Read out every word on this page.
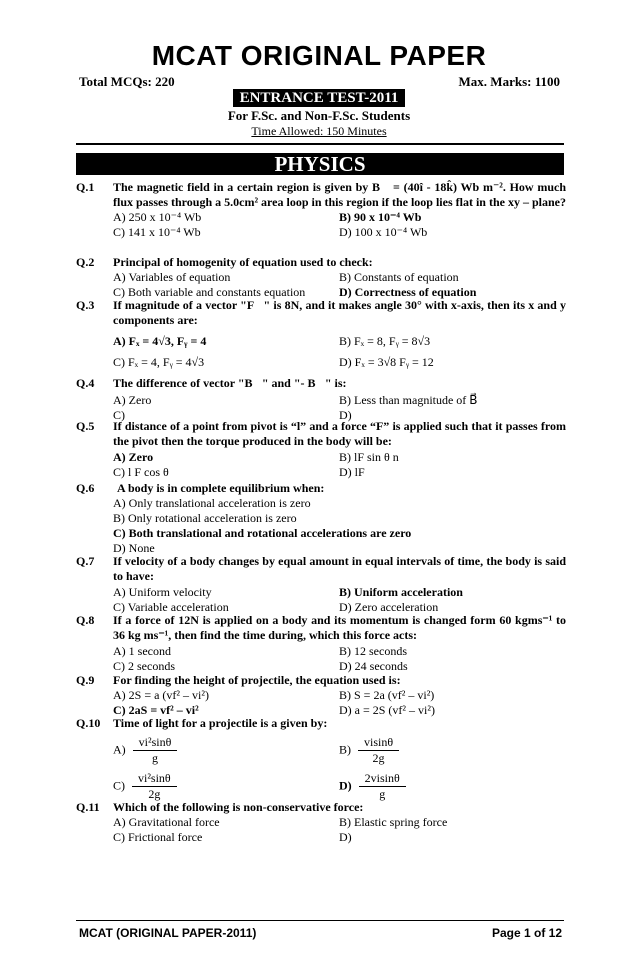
MCAT ORIGINAL PAPER
Total MCQs: 220	Max. Marks: 1100
ENTRANCE TEST-2011
For F.Sc. and Non-F.Sc. Students
Time Allowed: 150 Minutes
PHYSICS
Q.1 The magnetic field in a certain region is given by B⃗ = (40î - 18k̂) Wb m⁻². How much flux passes through a 5.0cm² area loop in this region if the loop lies flat in the xy – plane?
A) 250 x 10⁻⁴ Wb	B) 90 x 10⁻⁴ Wb
C) 141 x 10⁻⁴ Wb	D) 100 x 10⁻⁴ Wb
Q.2 Principal of homogenity of equation used to check:
A) Variables of equation	B) Constants of equation
C) Both variable and constants equation	D) Correctness of equation
Q.3 If magnitude of a vector "F⃗" is 8N, and it makes angle 30° with x-axis, then its x and y components are:
A) Fₓ = 4√3, Fᵧ = 4	B) Fₓ = 8, Fᵧ = 8√3
C) Fₓ = 4, Fᵧ = 4√3	D) Fₓ = 3√8 Fᵧ = 12
Q.4 The difference of vector "B⃗" and "- B⃗" is:
A) Zero	B) Less than magnitude of B⃗
C)	D)
Q.5 If distance of a point from pivot is “l” and a force “F” is applied such that it passes from the pivot then the torque produced in the body will be:
A) Zero	B) lF sin θ n
C) l F cos θ	D) lF
Q.6 A body is in complete equilibrium when:
A) Only translational acceleration is zero
B) Only rotational acceleration is zero
C) Both translational and rotational accelerations are zero
D) None
Q.7 If velocity of a body changes by equal amount in equal intervals of time, the body is said to have:
A) Uniform velocity	B) Uniform acceleration
C) Variable acceleration	D) Zero acceleration
Q.8 If a force of 12N is applied on a body and its momentum is changed form 60 kgms⁻¹ to 36 kg ms⁻¹, then find the time during, which this force acts:
A) 1 second	B) 12 seconds
C) 2 seconds	D) 24 seconds
Q.9 For finding the height of projectile, the equation used is:
A) 2S = a (vf² – vi²)	B) S = 2a (vf² – vi²)
C) 2aS = vf² – vi²	D) a = 2S (vf² – vi²)
Q.10 Time of light for a projectile is a given by:
$A) \frac{\text{vi²sinθ}}{g}$	$B) \frac{visin\theta}{2g}$
$C) \frac{\text{vi²sinθ}}{2g}$	$D) \frac{2visin\theta}{g}$
Q.11 Which of the following is non-conservative force:
A) Gravitational force	B) Elastic spring force
C) Frictional force	D)
MCAT (ORIGINAL PAPER-2011)	Page 1 of 12
